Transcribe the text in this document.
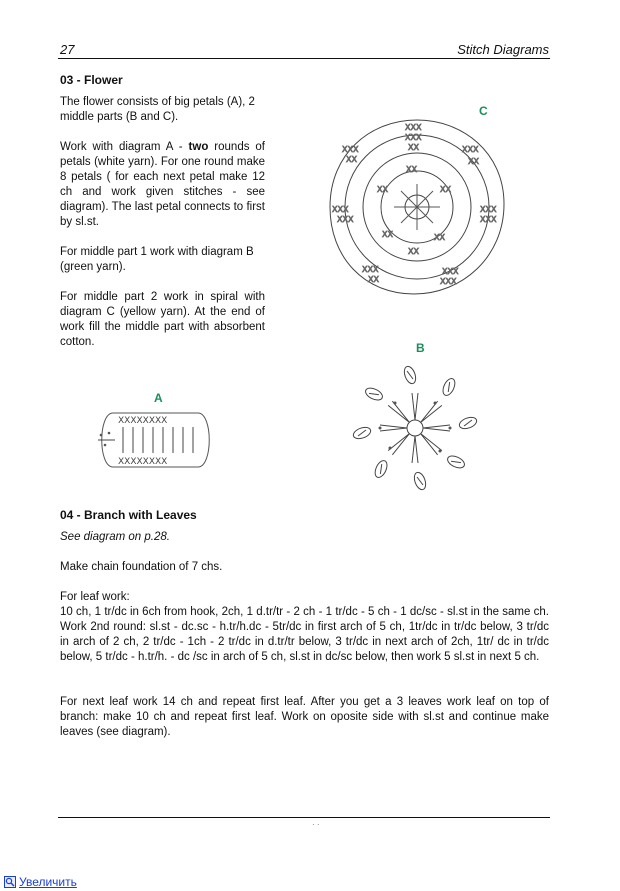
27	Stitch Diagrams
03 - Flower

The flower consists of big petals (A), 2 middle parts (B and C).

Work with diagram A - two rounds of petals (white yarn). For one round make 8 petals ( for each next petal make 12 ch and work given stitches - see diagram). The last petal connects to first by sl.st.

For middle part 1 work with diagram B (green yarn).

For middle part 2 work in spiral with diagram C (yellow yarn). At the end of work fill the middle part with absorbent cotton.

C
XXX
XXX
XX
XXX
XX
XXX
XX
XXX
XXX
XXX
XXX
XXX
XX
XXX
XXX
XX
XX	XX
XX	XX
XX
B
A
XXXXXXXX
XXXXXXXX
04 - Branch with Leaves

See diagram on p.28.

Make chain foundation of 7 chs.

For leaf work:

10 ch, 1 tr/dc in 6ch from hook, 2ch, 1 d.tr/tr - 2 ch - 1 tr/dc - 5 ch - 1 dc/sc - sl.st in the same ch. Work 2nd round: sl.st - dc.sc - h.tr/h.dc - 5tr/dc in first arch of 5 ch, 1tr/dc in tr/dc below, 3 tr/dc in arch of 2 ch, 2 tr/dc - 1ch - 2 tr/dc in d.tr/tr below, 3 tr/dc in next arch of 2ch, 1tr/ dc in tr/dc below, 5 tr/dc - h.tr/h. - dc /sc in arch of 5 ch, sl.st in dc/sc below, then work 5 sl.st in next 5 ch.

For next leaf work 14 ch and repeat first leaf. After you get a 3 leaves work leaf on top of branch: make 10 ch and repeat first leaf. Work on oposite side with sl.st and continue make leaves (see diagram).

· ·
Увеличить
